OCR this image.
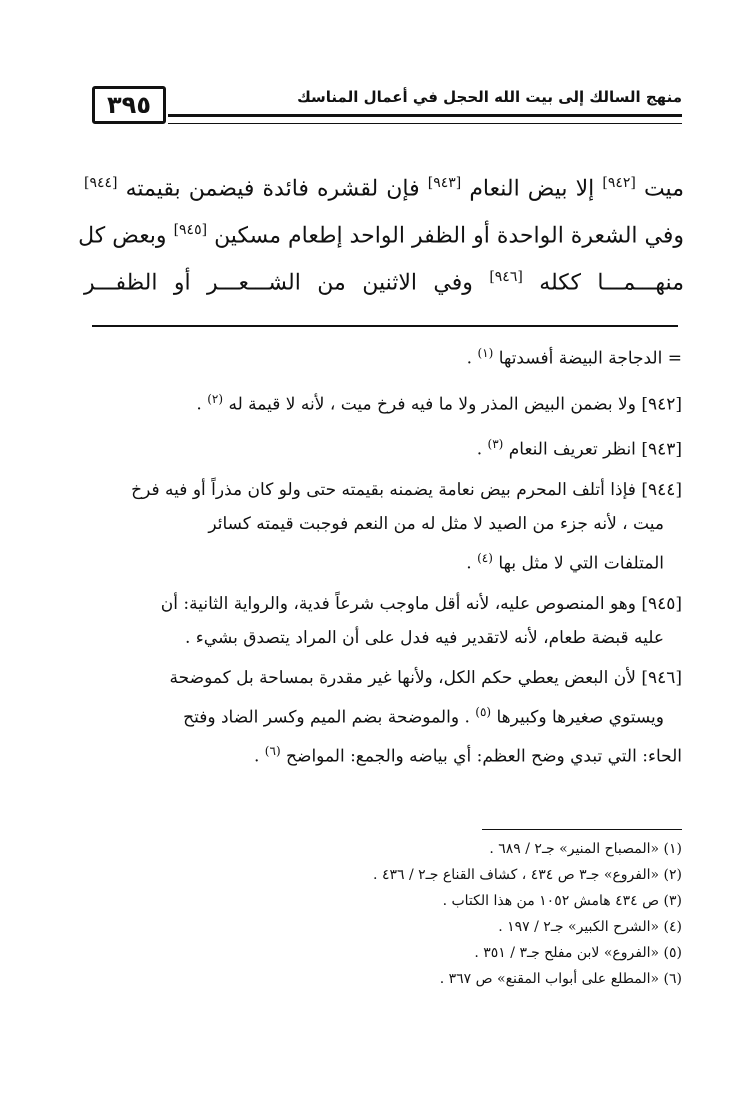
٣٩٥	منهج السالك إلى بيت الله الحجل في أعمال المناسك
ميت [٩٤٢] إلا بيض النعام [٩٤٣] فإن لقشره فائدة فيضمن بقيمته [٩٤٤]
وفي الشعرة الواحدة أو الظفر الواحد إطعام مسكين [٩٤٥] وبعض كل
منهـــمـــا ككله [٩٤٦] وفي الاثنين من الشـــعـــر أو الظفـــر
= الدجاجة البيضة أفسدتها $^{(١)}$ .
[٩٤٢] ولا بضمن البيض المذر ولا ما فيه فرخ ميت ، لأنه لا قيمة له $^{(٢)}$ .
[٩٤٣] انظر تعريف النعام $^{(٣)}$ .
[٩٤٤] فإذا أتلف المحرم بيض نعامة يضمنه بقيمته حتى ولو كان مذراً أو فيه فرخ
ميت ، لأنه جزء من الصيد لا مثل له من النعم فوجبت قيمته كسائر
المتلفات التي لا مثل بها $^{(٤)}$ .
[٩٤٥] وهو المنصوص عليه، لأنه أقل ماوجب شرعاً فدية، والرواية الثانية: أن
عليه قبضة طعام، لأنه لاتقدير فيه فدل على أن المراد يتصدق بشيء .
[٩٤٦] لأن البعض يعطي حكم الكل، ولأنها غير مقدرة بمساحة بل كموضحة
ويستوي صغيرها وكبيرها $^{(٥)}$ . والموضحة بضم الميم وكسر الضاد وفتح
الحاء: التي تبدي وضح العظم: أي بياضه والجمع: المواضح $^{(٦)}$ .
(١) «المصباح المنير» جـ٢ / ٦٨٩ .
(٢) «الفروع» جـ٣ ص ٤٣٤ ، كشاف القناع جـ٢ / ٤٣٦ .
(٣) ص ٤٣٤ هامش ١٠٥٢ من هذا الكتاب .
(٤) «الشرح الكبير» جـ٢ / ١٩٧ .
(٥) «الفروع» لابن مفلح جـ٣ / ٣٥١ .
(٦) «المطلع على أبواب المقنع» ص ٣٦٧ .
